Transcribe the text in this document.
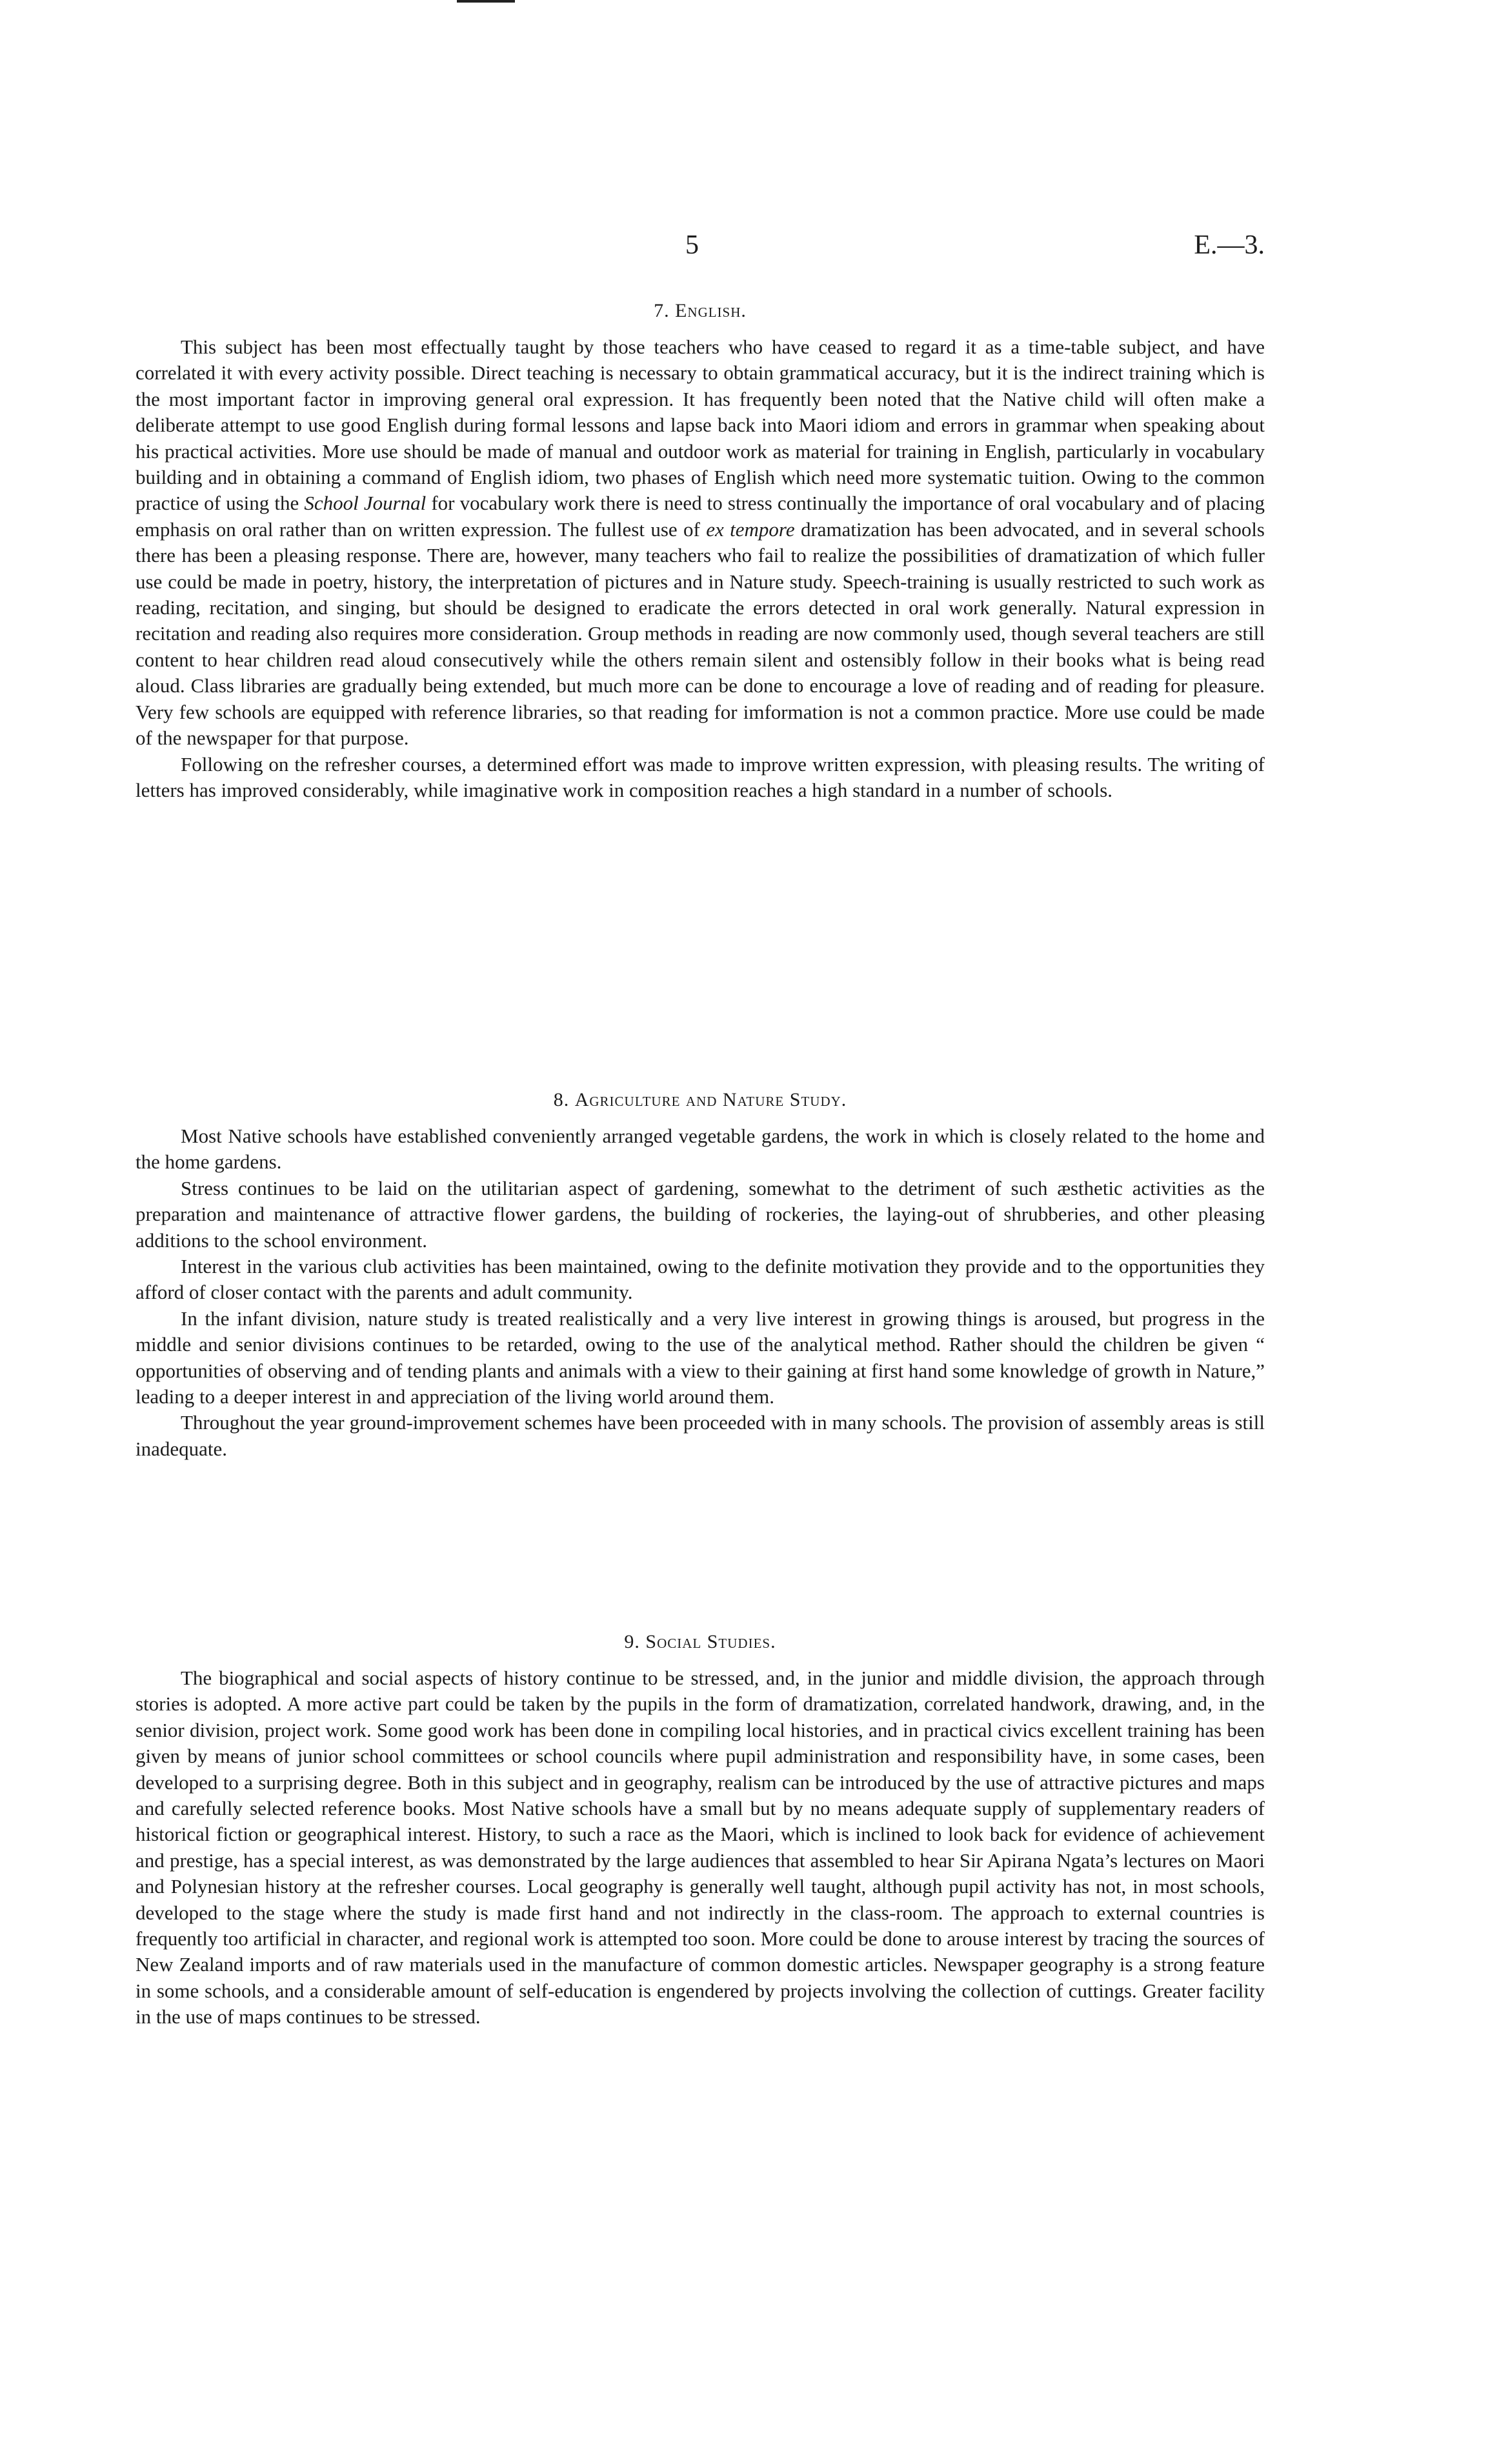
5	E.—3.
7. English.

This subject has been most effectually taught by those teachers who have ceased to regard it as a time-table subject, and have correlated it with every activity possible. Direct teaching is necessary to obtain grammatical accuracy, but it is the indirect training which is the most important factor in improving general oral expression. It has frequently been noted that the Native child will often make a deliberate attempt to use good English during formal lessons and lapse back into Maori idiom and errors in grammar when speaking about his practical activities. More use should be made of manual and outdoor work as material for training in English, particularly in vocabulary building and in obtaining a command of English idiom, two phases of English which need more systematic tuition. Owing to the common practice of using the School Journal for vocabulary work there is need to stress continually the importance of oral vocabulary and of placing emphasis on oral rather than on written expression. The fullest use of ex tempore dramatization has been advocated, and in several schools there has been a pleasing response. There are, however, many teachers who fail to realize the possibilities of dramatization of which fuller use could be made in poetry, history, the interpretation of pictures and in Nature study. Speech-training is usually restricted to such work as reading, recitation, and singing, but should be designed to eradicate the errors detected in oral work generally. Natural expression in recitation and reading also requires more consideration. Group methods in reading are now commonly used, though several teachers are still content to hear children read aloud consecutively while the others remain silent and ostensibly follow in their books what is being read aloud. Class libraries are gradually being extended, but much more can be done to encourage a love of reading and of reading for pleasure. Very few schools are equipped with reference libraries, so that reading for imformation is not a common practice. More use could be made of the newspaper for that purpose.

Following on the refresher courses, a determined effort was made to improve written expression, with pleasing results. The writing of letters has improved considerably, while imaginative work in composition reaches a high standard in a number of schools.

8. Agriculture and Nature Study.

Most Native schools have established conveniently arranged vegetable gardens, the work in which is closely related to the home and the home gardens.

Stress continues to be laid on the utilitarian aspect of gardening, somewhat to the detriment of such æsthetic activities as the preparation and maintenance of attractive flower gardens, the building of rockeries, the laying-out of shrubberies, and other pleasing additions to the school environment.

Interest in the various club activities has been maintained, owing to the definite motivation they provide and to the opportunities they afford of closer contact with the parents and adult community.

In the infant division, nature study is treated realistically and a very live interest in growing things is aroused, but progress in the middle and senior divisions continues to be retarded, owing to the use of the analytical method. Rather should the children be given “ opportunities of observing and of tending plants and animals with a view to their gaining at first hand some knowledge of growth in Nature,” leading to a deeper interest in and appreciation of the living world around them.

Throughout the year ground-improvement schemes have been proceeded with in many schools. The provision of assembly areas is still inadequate.

9. Social Studies.

The biographical and social aspects of history continue to be stressed, and, in the junior and middle division, the approach through stories is adopted. A more active part could be taken by the pupils in the form of dramatization, correlated handwork, drawing, and, in the senior division, project work. Some good work has been done in compiling local histories, and in practical civics excellent training has been given by means of junior school committees or school councils where pupil administration and responsibility have, in some cases, been developed to a surprising degree. Both in this subject and in geography, realism can be introduced by the use of attractive pictures and maps and carefully selected reference books. Most Native schools have a small but by no means adequate supply of supplementary readers of historical fiction or geographical interest. History, to such a race as the Maori, which is inclined to look back for evidence of achievement and prestige, has a special interest, as was demonstrated by the large audiences that assembled to hear Sir Apirana Ngata’s lectures on Maori and Polynesian history at the refresher courses. Local geography is generally well taught, although pupil activity has not, in most schools, developed to the stage where the study is made first hand and not indirectly in the class-room. The approach to external countries is frequently too artificial in character, and regional work is attempted too soon. More could be done to arouse interest by tracing the sources of New Zealand imports and of raw materials used in the manufacture of common domestic articles. Newspaper geography is a strong feature in some schools, and a considerable amount of self-education is engendered by projects involving the collection of cuttings. Greater facility in the use of maps continues to be stressed.
